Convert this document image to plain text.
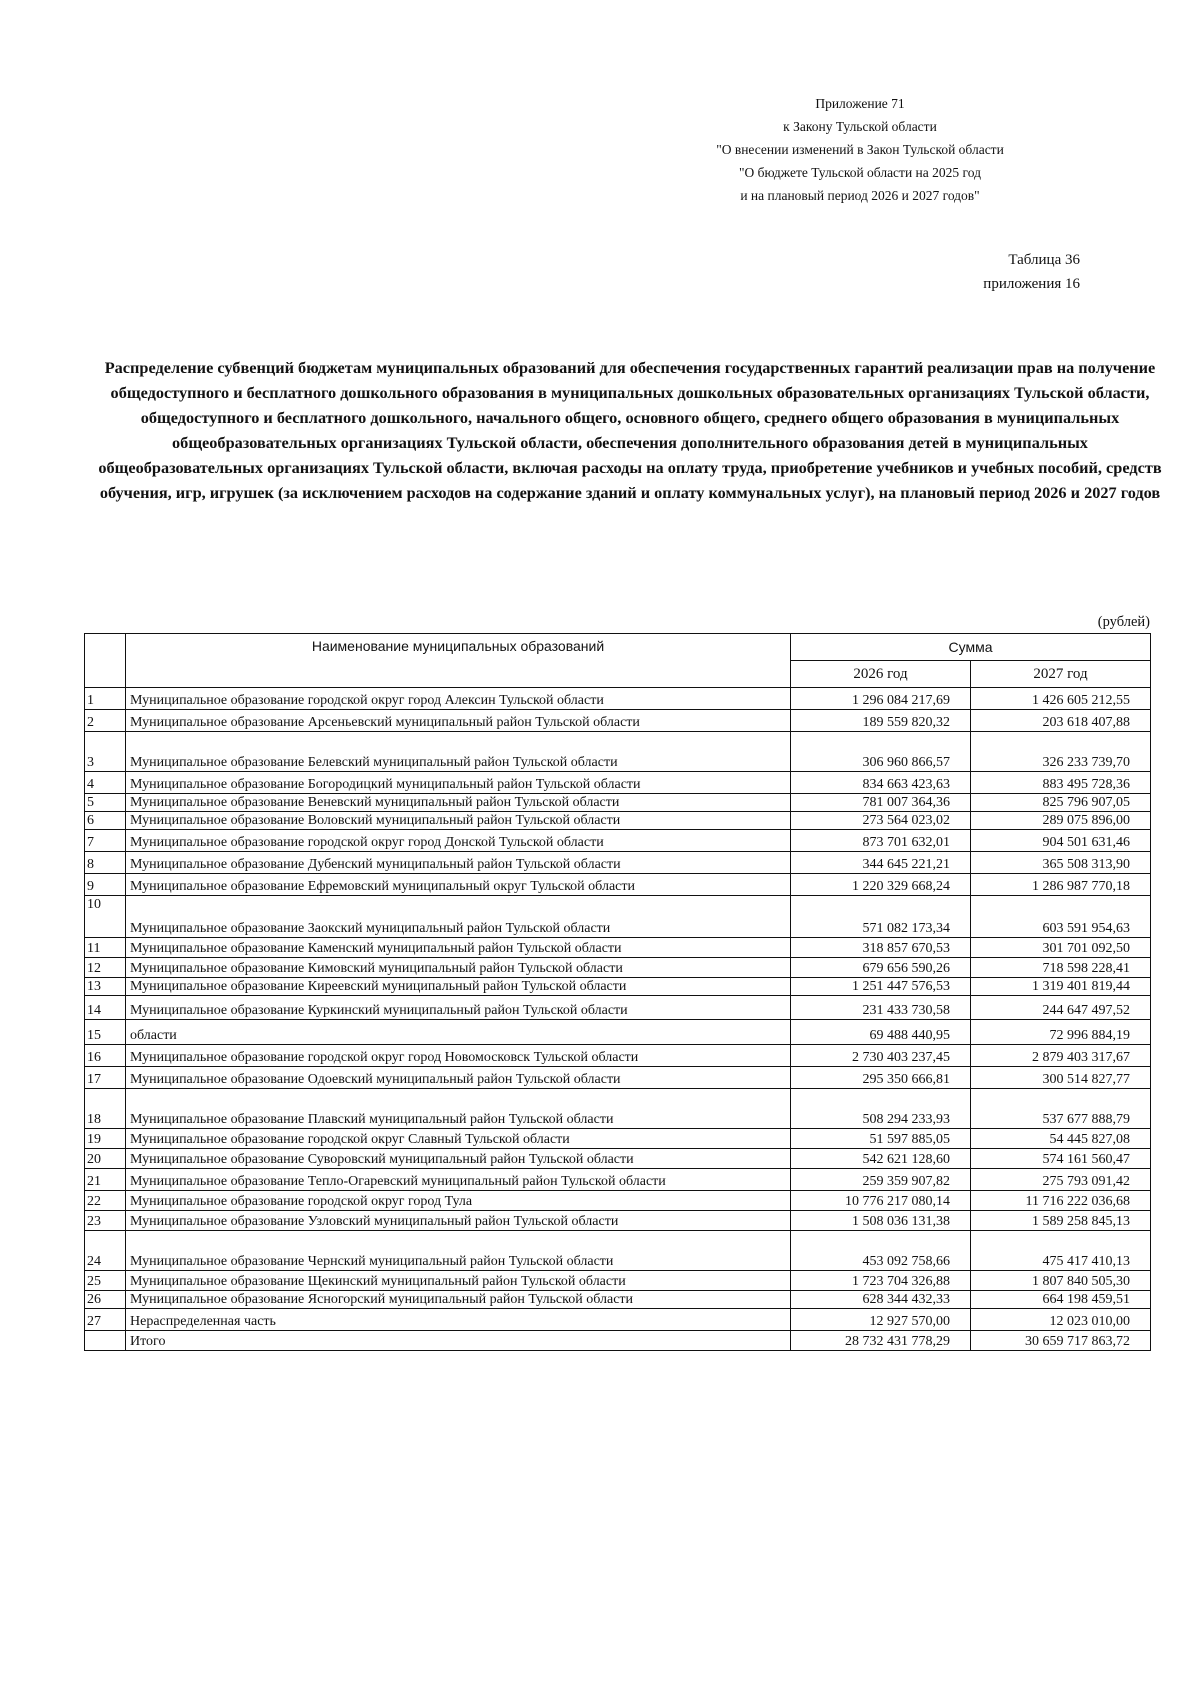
Приложение 71
к Закону Тульской области
"О внесении изменений в Закон Тульской области
"О бюджете Тульской области на 2025 год
и на плановый период 2026 и 2027 годов"
Таблица 36
приложения 16
Распределение субвенций бюджетам муниципальных образований для обеспечения государственных гарантий реализации прав на получение общедоступного и бесплатного дошкольного образования в муниципальных дошкольных образовательных организациях Тульской области, общедоступного и бесплатного дошкольного, начального общего, основного общего, среднего общего образования в муниципальных общеобразовательных организациях Тульской области, обеспечения дополнительного образования детей в муниципальных общеобразовательных организациях Тульской области, включая расходы на оплату труда, приобретение учебников и учебных пособий, средств обучения, игр, игрушек (за исключением расходов на содержание зданий и оплату коммунальных услуг), на плановый период 2026 и 2027 годов
(рублей)
	Наименование муниципальных образований	Сумма	
		2026 год	2027 год
1	Муниципальное образование городской округ город Алексин Тульской области	1 296 084 217,69	1 426 605 212,55
2	Муниципальное образование Арсеньевский муниципальный район Тульской области	189 559 820,32	203 618 407,88
3	Муниципальное образование Белевский муниципальный район Тульской области	306 960 866,57	326 233 739,70
4	Муниципальное образование Богородицкий муниципальный район Тульской области	834 663 423,63	883 495 728,36
5	Муниципальное образование Веневский муниципальный район Тульской области	781 007 364,36	825 796 907,05
6	Муниципальное образование Воловский муниципальный район Тульской области	273 564 023,02	289 075 896,00
7	Муниципальное образование городской округ город Донской Тульской области	873 701 632,01	904 501 631,46
8	Муниципальное образование Дубенский муниципальный район Тульской области	344 645 221,21	365 508 313,90
9	Муниципальное образование Ефремовский муниципальный округ Тульской области	1 220 329 668,24	1 286 987 770,18
10	Муниципальное образование Заокский муниципальный район Тульской области	571 082 173,34	603 591 954,63
11	Муниципальное образование Каменский муниципальный район Тульской области	318 857 670,53	301 701 092,50
12	Муниципальное образование Кимовский муниципальный район Тульской области	679 656 590,26	718 598 228,41
13	Муниципальное образование Киреевский муниципальный район Тульской области	1 251 447 576,53	1 319 401 819,44
14	Муниципальное образование Куркинский муниципальный район Тульской области	231 433 730,58	244 647 497,52
15	области	69 488 440,95	72 996 884,19
16	Муниципальное образование городской округ город Новомосковск Тульской области	2 730 403 237,45	2 879 403 317,67
17	Муниципальное образование Одоевский муниципальный район Тульской области	295 350 666,81	300 514 827,77
18	Муниципальное образование Плавский муниципальный район Тульской области	508 294 233,93	537 677 888,79
19	Муниципальное образование городской округ Славный Тульской области	51 597 885,05	54 445 827,08
20	Муниципальное образование Суворовский муниципальный район Тульской области	542 621 128,60	574 161 560,47
21	Муниципальное образование Тепло-Огаревский муниципальный район Тульской области	259 359 907,82	275 793 091,42
22	Муниципальное образование городской округ город Тула	10 776 217 080,14	11 716 222 036,68
23	Муниципальное образование Узловский муниципальный район Тульской области	1 508 036 131,38	1 589 258 845,13
24	Муниципальное образование Чернский муниципальный район Тульской области	453 092 758,66	475 417 410,13
25	Муниципальное образование Щекинский муниципальный район Тульской области	1 723 704 326,88	1 807 840 505,30
26	Муниципальное образование Ясногорский муниципальный район Тульской области	628 344 432,33	664 198 459,51
27	Нераспределенная часть	12 927 570,00	12 023 010,00
	Итого	28 732 431 778,29	30 659 717 863,72
